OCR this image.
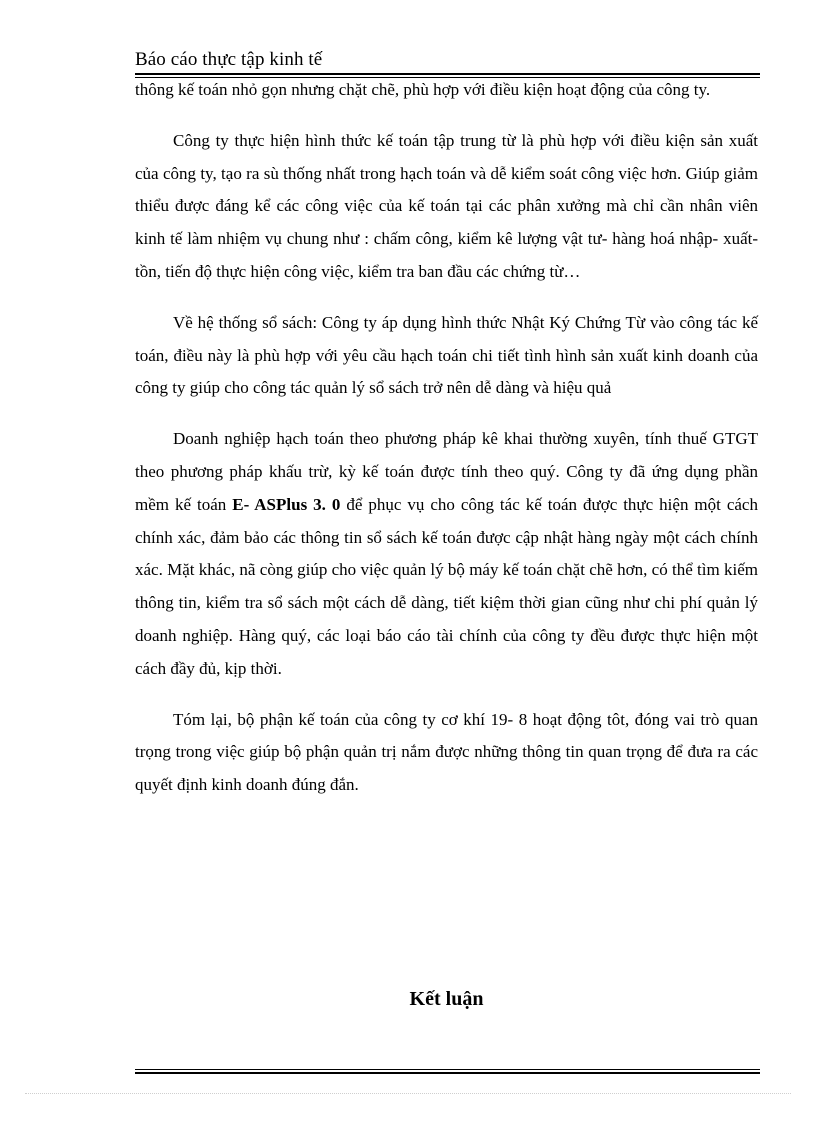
Báo cáo thực tập kinh tế

thông kế toán nhỏ gọn nhưng chặt chẽ, phù hợp với điều kiện hoạt động của công ty.

Công ty thực hiện hình thức kế toán tập trung từ là phù hợp với điều kiện sản xuất của công ty, tạo ra sù thống nhất trong hạch toán và dễ kiểm soát công việc hơn. Giúp giảm thiểu được đáng kể các công việc của kế toán tại các phân xưởng mà chỉ cần nhân viên kinh tế làm nhiệm vụ chung như : chấm công, kiểm kê lượng vật tư- hàng hoá nhập- xuất- tồn, tiến độ thực hiện công việc, kiểm tra ban đầu các chứng từ…

Về hệ thống sổ sách: Công ty áp dụng hình thức Nhật Ký Chứng Từ vào công tác kế toán, điều này là phù hợp với yêu cầu hạch toán chi tiết tình hình sản xuất kinh doanh của công ty giúp cho công tác quản lý sổ sách trở nên dễ dàng và hiệu quả

Doanh nghiệp hạch toán theo phương pháp kê khai thường xuyên, tính thuế GTGT theo phương pháp khấu trừ, kỳ kế toán được tính theo quý. Công ty đã ứng dụng phần mềm kế toán E- ASPlus 3. 0 để phục vụ cho công tác kế toán được thực hiện một cách chính xác, đảm bảo các thông tin sổ sách kế toán được cập nhật hàng ngày một cách chính xác. Mặt khác, nã còng giúp cho việc quản lý bộ máy kế toán chặt chẽ hơn, có thể tìm kiếm thông tin, kiểm tra sổ sách một cách dễ dàng, tiết kiệm thời gian cũng như chi phí quản lý doanh nghiệp. Hàng quý, các loại báo cáo tài chính của công ty đều được thực hiện một cách đầy đủ, kịp thời.

Tóm lại, bộ phận kế toán của công ty cơ khí 19- 8 hoạt động tôt, đóng vai trò quan trọng trong việc giúp bộ phận quản trị nắm được những thông tin quan trọng để đưa ra các quyết định kinh doanh đúng đắn.

Kết luận
